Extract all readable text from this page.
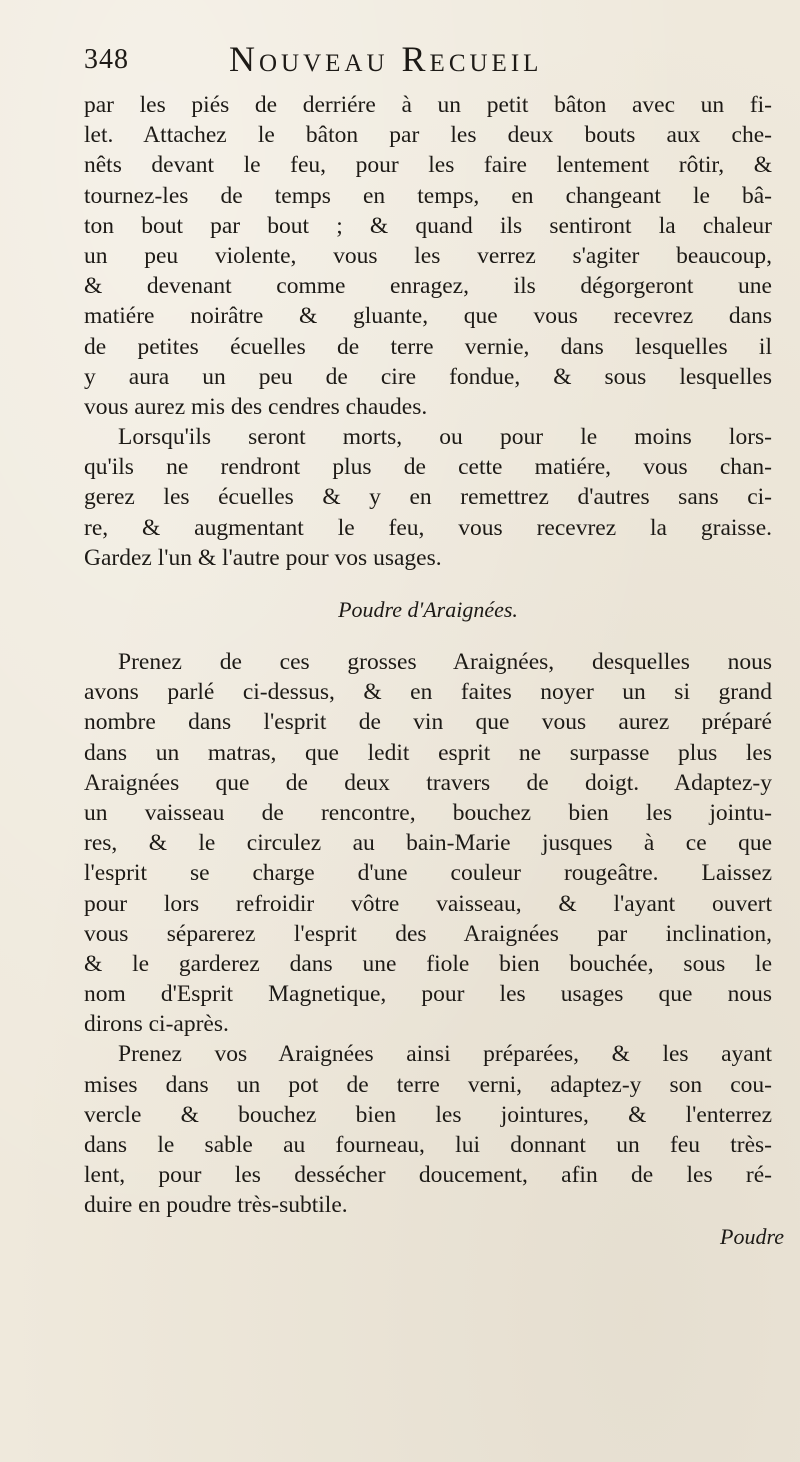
348	Nouveau Recueil
par les piés de derriére à un petit bâton avec un fi-
let. Attachez le bâton par les deux bouts aux che-
nêts devant le feu, pour les faire lentement rôtir, &
tournez-les de temps en temps, en changeant le bâ-
ton bout par bout ; & quand ils sentiront la chaleur
un peu violente, vous les verrez s'agiter beaucoup,
& devenant comme enragez, ils dégorgeront une
matiére noirâtre & gluante, que vous recevrez dans
de petites écuelles de terre vernie, dans lesquelles il
y aura un peu de cire fondue, & sous lesquelles
vous aurez mis des cendres chaudes.
Lorsqu'ils seront morts, ou pour le moins lors-
qu'ils ne rendront plus de cette matiére, vous chan-
gerez les écuelles & y en remettrez d'autres sans ci-
re, & augmentant le feu, vous recevrez la graisse.
Gardez l'un & l'autre pour vos usages.
Poudre d'Araignées.
Prenez de ces grosses Araignées, desquelles nous
avons parlé ci-dessus, & en faites noyer un si grand
nombre dans l'esprit de vin que vous aurez préparé
dans un matras, que ledit esprit ne surpasse plus les
Araignées que de deux travers de doigt. Adaptez-y
un vaisseau de rencontre, bouchez bien les jointu-
res, & le circulez au bain-Marie jusques à ce que
l'esprit se charge d'une couleur rougeâtre. Laissez
pour lors refroidir vôtre vaisseau, & l'ayant ouvert
vous séparerez l'esprit des Araignées par inclination,
& le garderez dans une fiole bien bouchée, sous le
nom d'Esprit Magnetique, pour les usages que nous
dirons ci-après.
Prenez vos Araignées ainsi préparées, & les ayant
mises dans un pot de terre verni, adaptez-y son cou-
vercle & bouchez bien les jointures, & l'enterrez
dans le sable au fourneau, lui donnant un feu très-
lent, pour les dessécher doucement, afin de les ré-
duire en poudre très-subtile.
Poudre
